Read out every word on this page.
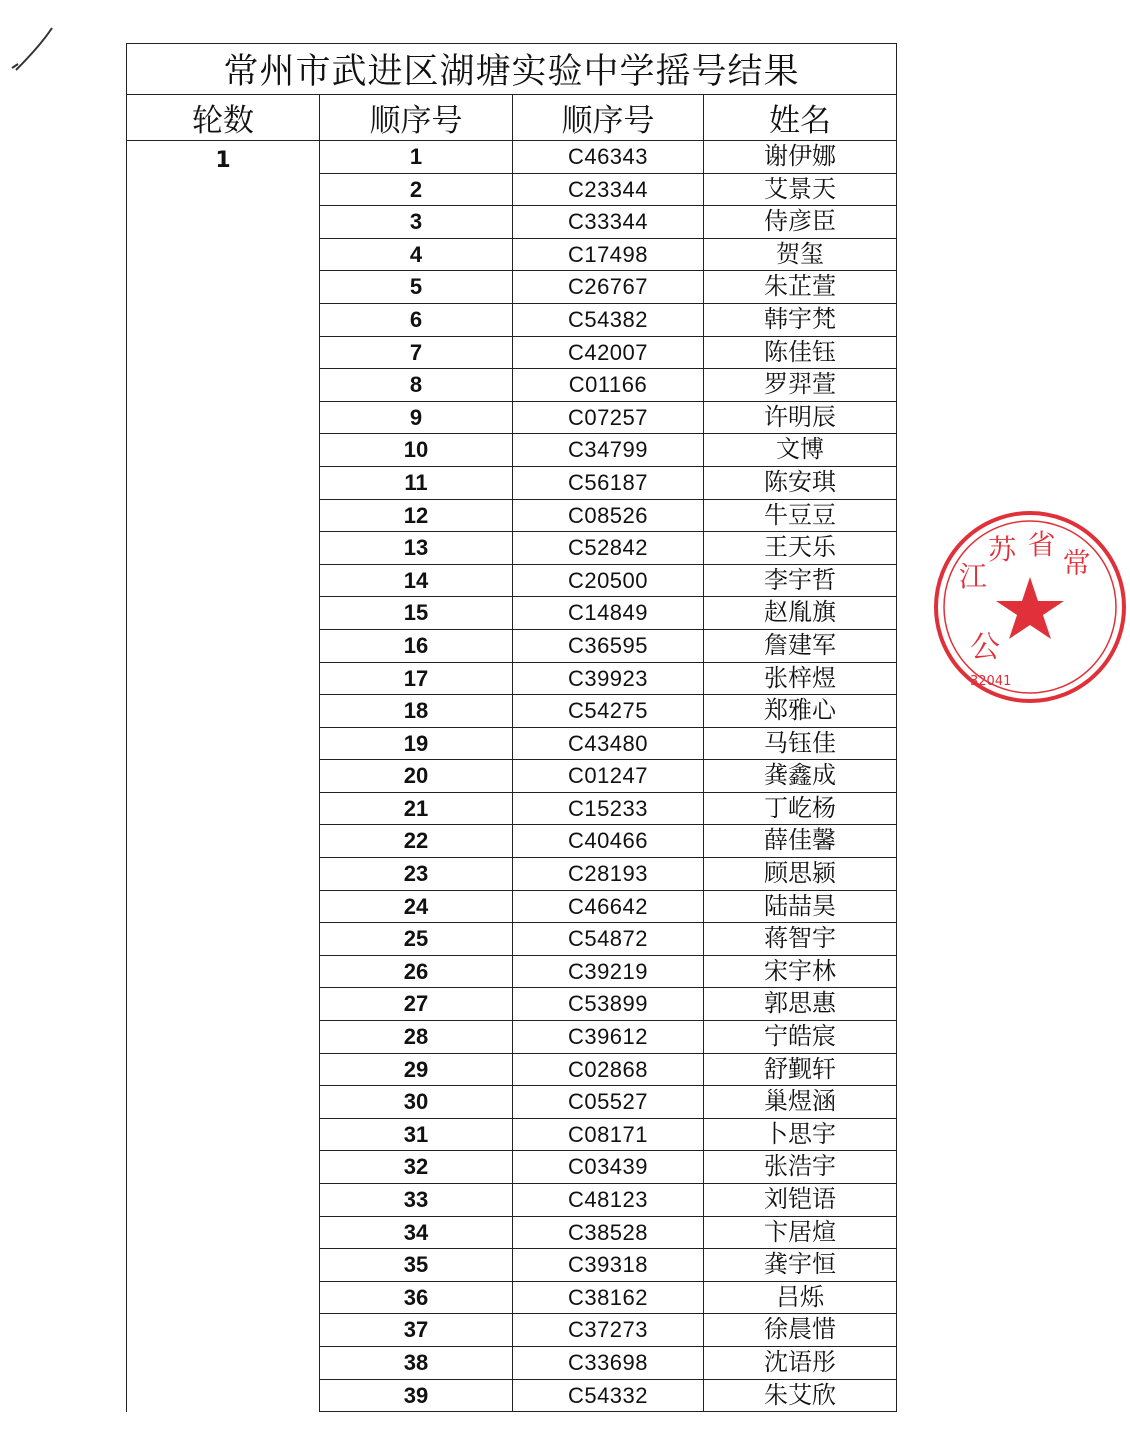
常州市武进区湖塘实验中学摇号结果			
轮数	顺序号	顺序号	姓名

1	1	C46343	谢伊娜
	2	C23344	艾景天
	3	C33344	侍彦臣
	4	C17498	贺玺
	5	C26767	朱芷萱
	6	C54382	韩宇梵
	7	C42007	陈佳钰
	8	C01166	罗羿萱
	9	C07257	许明辰
	10	C34799	文博
	11	C56187	陈安琪
	12	C08526	牛豆豆
	13	C52842	王天乐
	14	C20500	李宇哲
	15	C14849	赵胤旗
	16	C36595	詹建军
	17	C39923	张梓煜
	18	C54275	郑雅心
	19	C43480	马钰佳
	20	C01247	龚鑫成
	21	C15233	丁屹杨
	22	C40466	薛佳馨
	23	C28193	顾思颍
	24	C46642	陆喆昊
	25	C54872	蒋智宇
	26	C39219	宋宇林
	27	C53899	郭思惠
	28	C39612	宁皓宸
	29	C02868	舒觐轩
	30	C05527	巢煜涵
	31	C08171	卜思宇
	32	C03439	张浩宇
	33	C48123	刘铠语
	34	C38528	卞居煊
	35	C39318	龚宇恒
	36	C38162	吕烁
	37	C37273	徐晨惜
	38	C33698	沈语彤
	39	C54332	朱艾欣
公
32041
江
苏 省
常
